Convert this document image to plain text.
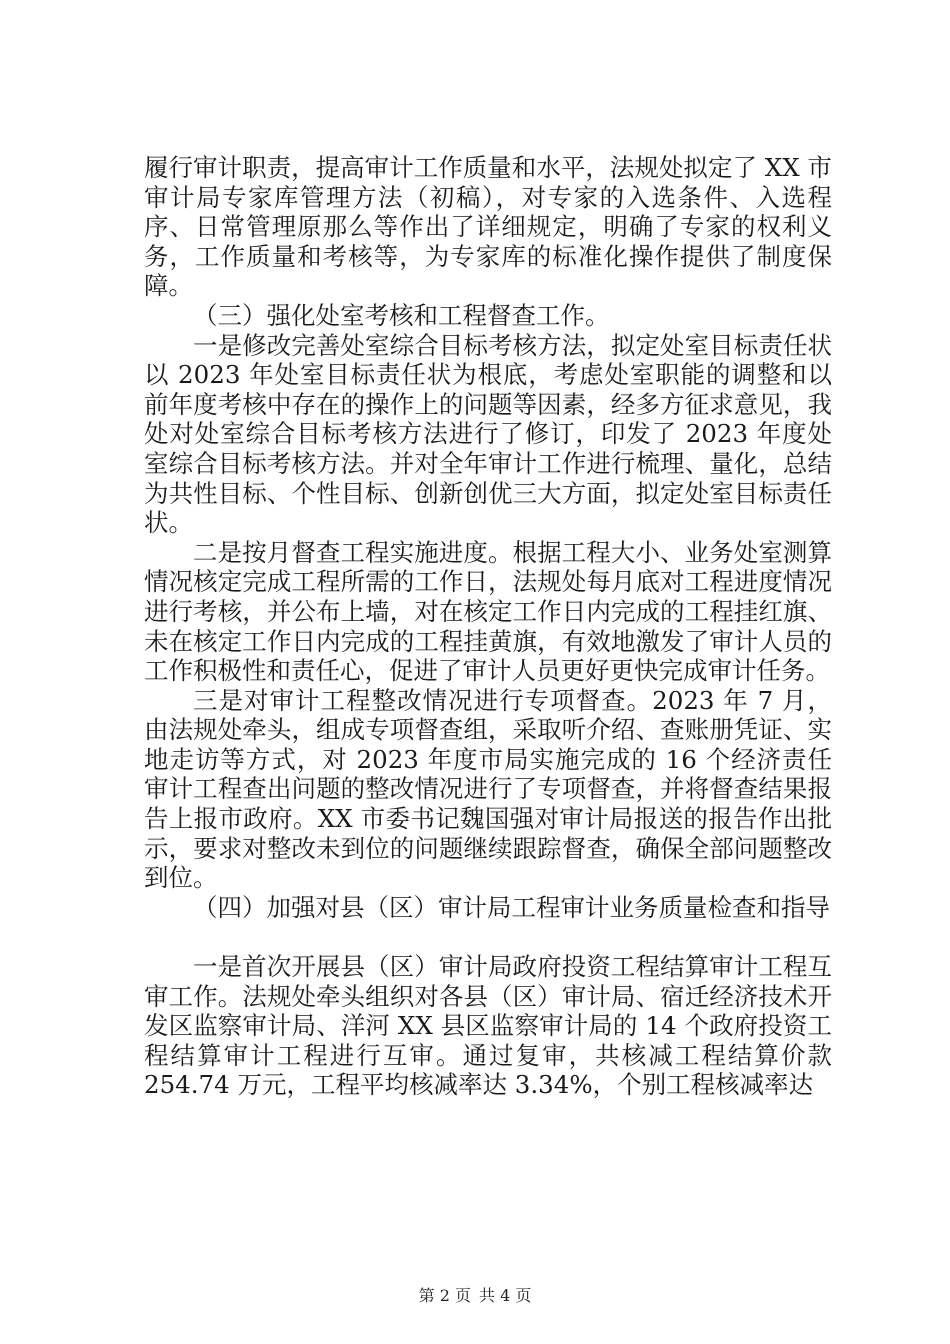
履行审计职责，提高审计工作质量和水平，法规处拟定了 XX 市审计局专家库管理方法（初稿），对专家的入选条件、入选程序、日常管理原那么等作出了详细规定，明确了专家的权利义务，工作质量和考核等，为专家库的标准化操作提供了制度保障。

（三）强化处室考核和工程督查工作。

一是修改完善处室综合目标考核方法，拟定处室目标责任状以 2023 年处室目标责任状为根底，考虑处室职能的调整和以前年度考核中存在的操作上的问题等因素，经多方征求意见，我处对处室综合目标考核方法进行了修订，印发了 2023 年度处室综合目标考核方法。并对全年审计工作进行梳理、量化，总结为共性目标、个性目标、创新创优三大方面，拟定处室目标责任状。

二是按月督查工程实施进度。根据工程大小、业务处室测算情况核定完成工程所需的工作日，法规处每月底对工程进度情况进行考核，并公布上墙，对在核定工作日内完成的工程挂红旗、未在核定工作日内完成的工程挂黄旗，有效地激发了审计人员的工作积极性和责任心，促进了审计人员更好更快完成审计任务。

三是对审计工程整改情况进行专项督查。2023 年 7 月，由法规处牵头，组成专项督查组，采取听介绍、查账册凭证、实地走访等方式，对 2023 年度市局实施完成的 16 个经济责任审计工程查出问题的整改情况进行了专项督查，并将督查结果报告上报市政府。XX 市委书记魏国强对审计局报送的报告作出批示，要求对整改未到位的问题继续跟踪督查，确保全部问题整改到位。

（四）加强对县（区）审计局工程审计业务质量检查和指导

一是首次开展县（区）审计局政府投资工程结算审计工程互审工作。法规处牵头组织对各县（区）审计局、宿迁经济技术开发区监察审计局、洋河 XX 县区监察审计局的 14 个政府投资工程结算审计工程进行互审。通过复审，共核减工程结算价款 254.74 万元，工程平均核减率达 3.34%，个别工程核减率达

第 2 页 共 4 页
